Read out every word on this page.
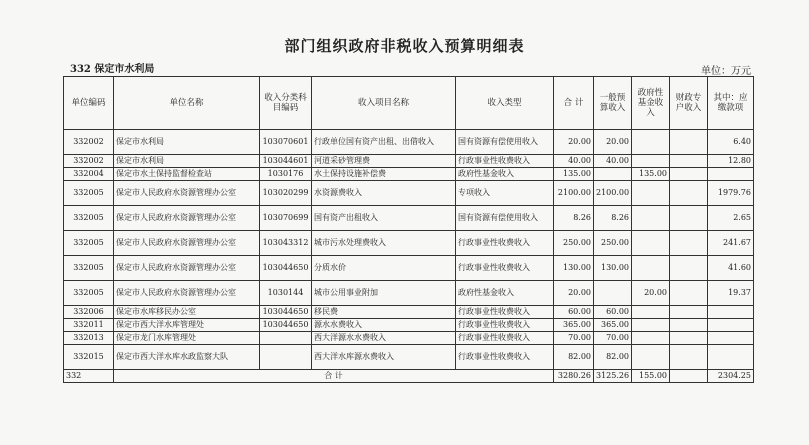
部门组织政府非税收入预算明细表
332 保定市水利局	单位：万元
单位编码	单位名称	收入分类科目编码	收入项目名称	收入类型	合 计	一般预算收入	政府性基金收入	财政专户收入	其中：应缴款项
332002	保定市水利局	103070601	行政单位国有资产出租、出借收入	国有资源有偿使用收入	20.00	20.00			6.40
332002	保定市水利局	103044601	河道采砂管理费	行政事业性收费收入	40.00	40.00			12.80
332004	保定市水土保持监督检查站	1030176	水土保持设施补偿费	政府性基金收入	135.00		135.00		
332005	保定市人民政府水资源管理办公室	103020299	水资源费收入	专项收入	2100.00	2100.00			1979.76
332005	保定市人民政府水资源管理办公室	103070699	国有资产出租收入	国有资源有偿使用收入	8.26	8.26			2.65
332005	保定市人民政府水资源管理办公室	103043312	城市污水处理费收入	行政事业性收费收入	250.00	250.00			241.67
332005	保定市人民政府水资源管理办公室	103044650	分质水价	行政事业性收费收入	130.00	130.00			41.60
332005	保定市人民政府水资源管理办公室	1030144	城市公用事业附加	政府性基金收入	20.00		20.00		19.37
332006	保定市水库移民办公室	103044650	移民费	行政事业性收费收入	60.00	60.00			
332011	保定市西大洋水库管理处	103044650	源水水费收入	行政事业性收费收入	365.00	365.00			
332013	保定市龙门水库管理处		西大洋源水水费收入	行政事业性收费收入	70.00	70.00			
332015	保定市西大洋水库水政监察大队		西大洋水库源水费收入	行政事业性收费收入	82.00	82.00			
332	合 计				3280.26	3125.26	155.00		2304.25
